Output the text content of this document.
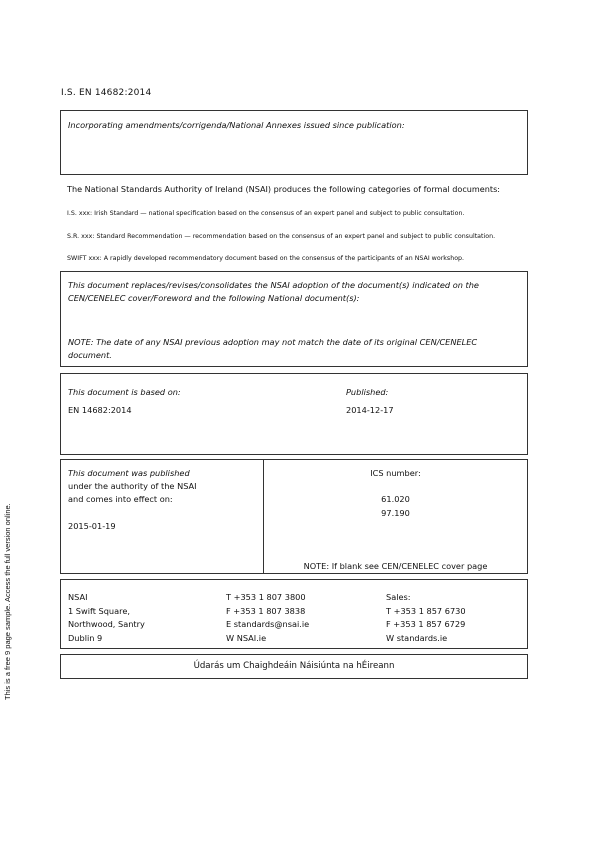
This is a free 9 page sample. Access the full version online.
I.S. EN 14682:2014
Incorporating amendments/corrigenda/National Annexes issued since publication:
The National Standards Authority of Ireland (NSAI) produces the following categories of formal documents:
I.S. xxx: Irish Standard — national specification based on the consensus of an expert panel and subject to public consultation.
S.R. xxx: Standard Recommendation — recommendation based on the consensus of an expert panel and subject to public consultation.
SWIFT xxx: A rapidly developed recommendatory document based on the consensus of the participants of an NSAI workshop.
This document replaces/revises/consolidates the NSAI adoption of the document(s) indicated on the
CEN/CENELEC cover/Foreword and the following National document(s):
NOTE: The date of any NSAI previous adoption may not match the date of its original CEN/CENELEC
document.
This document is based on:
EN 14682:2014
Published:
2014-12-17
This document was published
under the authority of the NSAI
and comes into effect on:
2015-01-19
ICS number:
61.020
97.190
NOTE: If blank see CEN/CENELEC cover page
NSAI
1 Swift Square,
Northwood, Santry
Dublin 9
T +353 1 807 3800
F +353 1 807 3838
E standards@nsai.ie
W NSAI.ie
Sales:
T +353 1 857 6730
F +353 1 857 6729
W standards.ie
Údarás um Chaighdeáin Náisiúnta na hÉireann
